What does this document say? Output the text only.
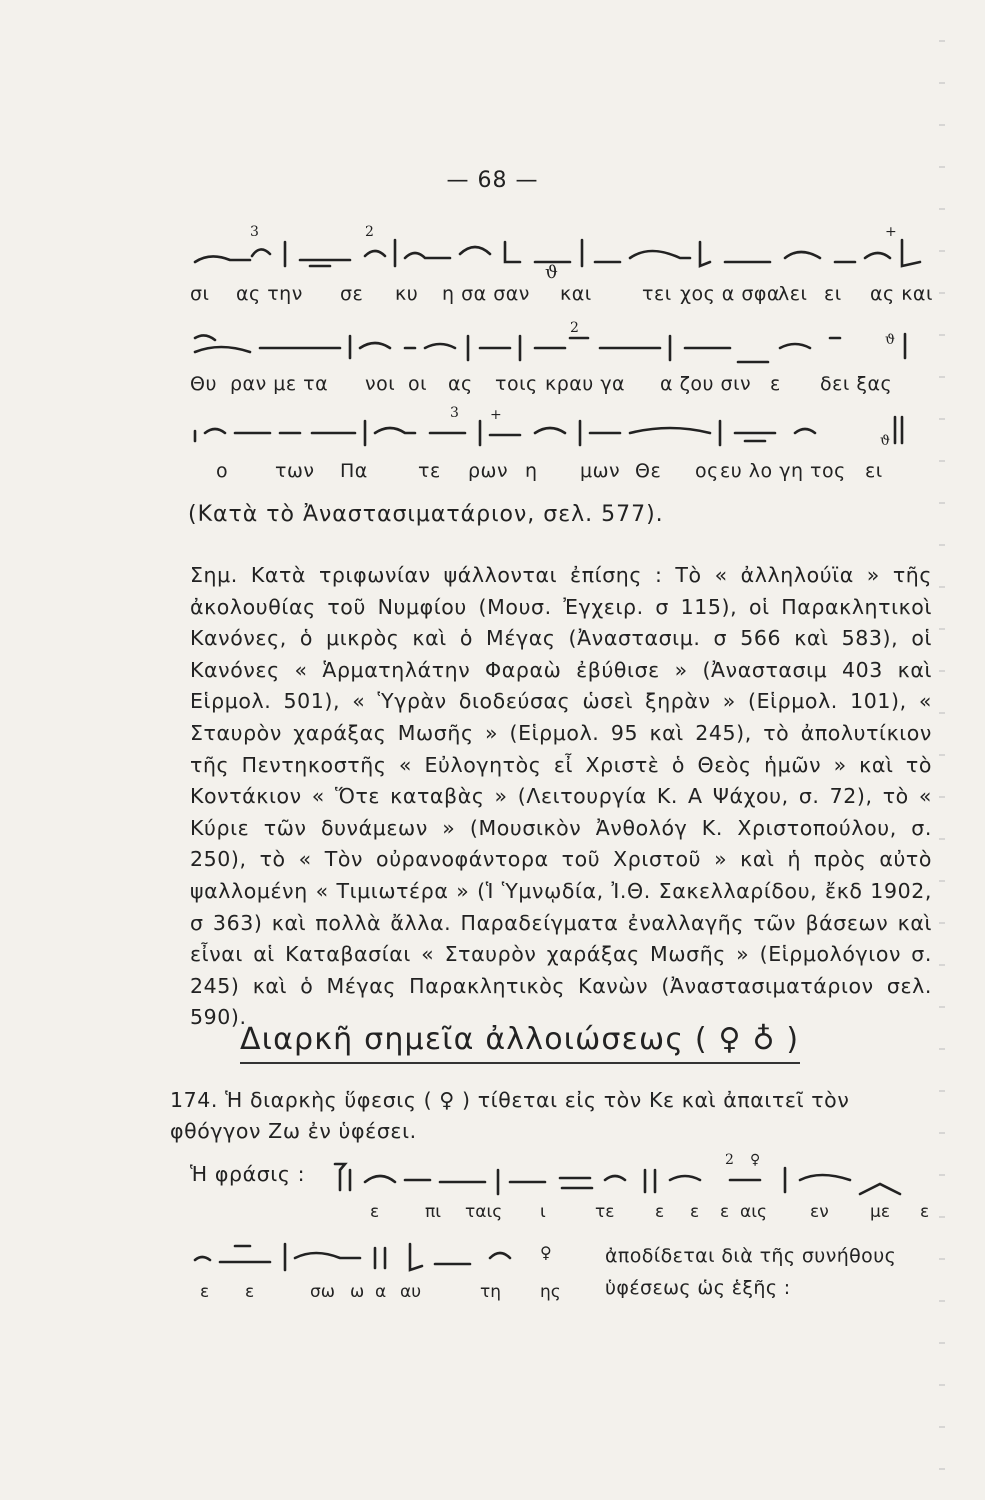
— 68 —
3	2	+
ϑ
σι ας την σε κυ η σα σαν και	τει χος α σφα
λει ει ας και
2
ϑ
Θυ ραν με τα νοι οι ας τοις κραυ γα α ζου σιν ε δει ξας
3 +
ϑ
ο των Πα	τε ρων η μων Θε ος ευ λο γη τος ει
(Κατὰ τὸ Ἀναστασιματάριον, σελ. 577).
Σημ. Κατὰ τριφωνίαν ψάλλονται ἐπίσης : Τὸ « ἀλληλούϊα » τῆς ἀκολουθίας τοῦ Νυμφίου (Μουσ. Ἐγχειρ. σ 115), οἱ Παρακλητικοὶ Κανόνες, ὁ μικρὸς καὶ ὁ Μέγας (Ἀναστασιμ. σ 566 καὶ 583), οἱ Κανόνες « Ἁρματηλάτην Φαραὼ ἐβύθισε » (Ἀναστασιμ 403 καὶ Εἱρμολ. 501), « Ὑγρὰν διοδεύσας ὡσεὶ ξηρὰν » (Εἱρμολ. 101), « Σταυρὸν χαράξας Μωσῆς » (Εἱρμολ. 95 καὶ 245), τὸ ἀπολυτίκιον τῆς Πεντηκοστῆς « Εὐλογητὸς εἶ Χριστὲ ὁ Θεὸς ἡμῶν » καὶ τὸ Κοντάκιον « Ὅτε καταβὰς » (Λειτουργία Κ. Α Ψάχου, σ. 72), τὸ « Κύριε τῶν δυνάμεων » (Μουσικὸν Ἀνθολόγ Κ. Χριστοπούλου, σ. 250), τὸ « Τὸν οὐρανοφάντορα τοῦ Χριστοῦ » καὶ ἡ πρὸς αὐτὸ ψαλλομένη « Τιμιωτέρα » (Ἱ Ὑμνῳδία, Ἰ.Θ. Σακελλαρίδου, ἔκδ 1902, σ 363) καὶ πολλὰ ἄλλα. Παραδείγματα ἐναλλαγῆς τῶν βάσεων καὶ εἶναι αἱ Καταβασίαι « Σταυρὸν χαράξας Μωσῆς » (Εἱρμολόγιον σ. 245) καὶ ὁ Μέγας Παρακλητικὸς Κανὼν (Ἀναστασιματάριον σελ. 590).
Διαρκῆ σημεῖα ἀλλοιώσεως ( ♀ ♁ )
174. Ἡ διαρκὴς ὕφεσις ( ♀ ) τίθεται εἰς τὸν Κε καὶ ἀπαιτεῖ τὸν φθόγγον Ζω ἐν ὑφέσει.
Ἡ φράσις :
2 ♀
ε	πι ταις ι	τε ε ε ε αις	εν με ε
♀
ε ε	σω ω α αυ	τη ης
ἀποδίδεται διὰ τῆς συνήθους ὑφέσεως ὡς ἑξῆς :
